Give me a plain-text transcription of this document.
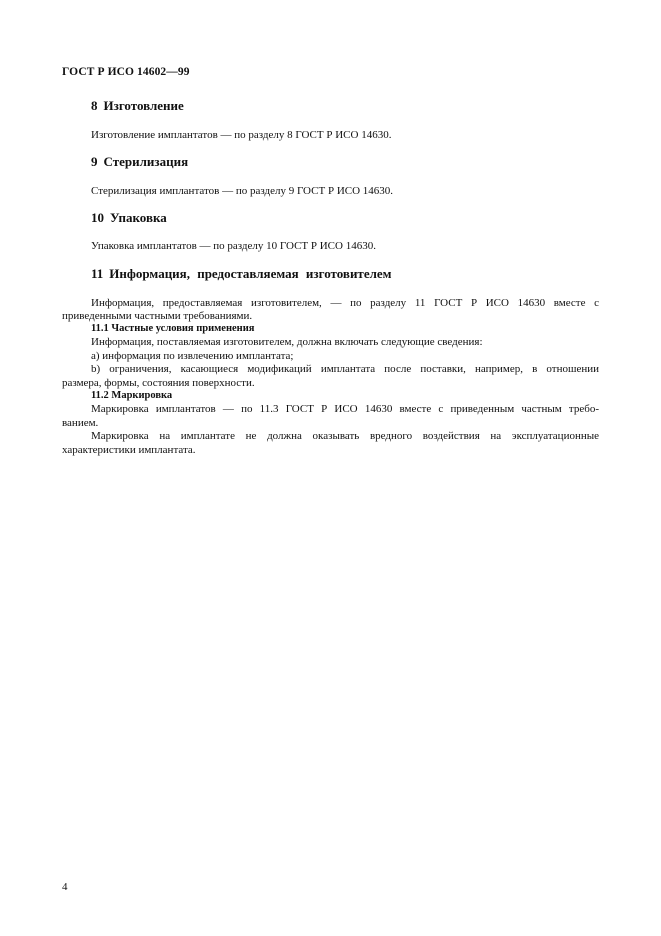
ГОСТ Р ИСО 14602—99
8 Изготовление
Изготовление имплантатов — по разделу 8 ГОСТ Р ИСО 14630.
9 Стерилизация
Стерилизация имплантатов — по разделу 9 ГОСТ Р ИСО 14630.
10 Упаковка
Упаковка имплантатов — по разделу 10 ГОСТ Р ИСО 14630.
11 Информация, предоставляемая изготовителем
Информация, предоставляемая изготовителем, — по разделу 11 ГОСТ Р ИСО 14630 вместе с
приведенными частными требованиями.
11.1 Частные условия применения
Информация, поставляемая изготовителем, должна включать следующие сведения:
а) информация по извлечению имплантата;
b) ограничения, касающиеся модификаций имплантата после поставки, например, в отношении
размера, формы, состояния поверхности.
11.2 Маркировка
Маркировка имплантатов — по 11.3 ГОСТ Р ИСО 14630 вместе с приведенным частным требо-
ванием.
Маркировка на имплантате не должна оказывать вредного воздействия на эксплуатационные
характеристики имплантата.
4
